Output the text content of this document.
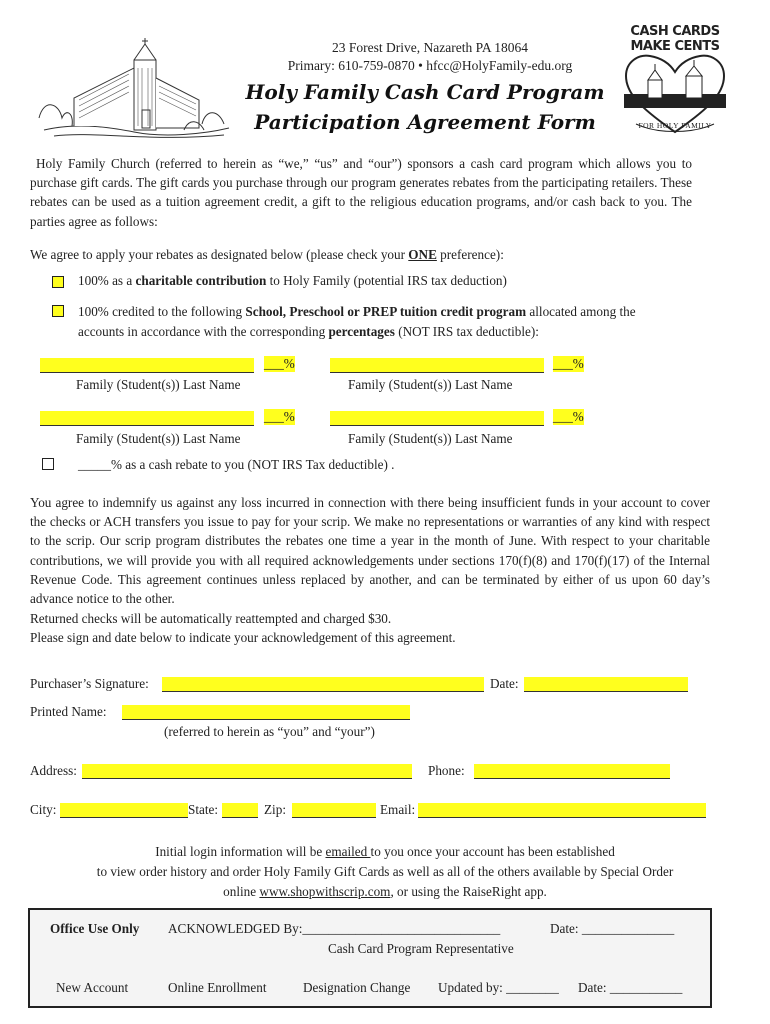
23 Forest Drive, Nazareth PA 18064
Primary: 610-759-0870 • hfcc@HolyFamily-edu.org
Holy Family Cash Card Program
Participation Agreement Form
CASH CARDS
MAKE CENTS
FOR HOLY FAMILY
Holy Family Church (referred to herein as “we,” “us” and “our”) sponsors a cash card program which allows you to purchase gift cards. The gift cards you purchase through our program generates rebates from the participating retailers. These rebates can be used as a tuition agreement credit, a gift to the religious education programs, and/or cash back to you. The parties agree as follows:
We agree to apply your rebates as designated below (please check your ONE preference):
100% as a charitable contribution to Holy Family (potential IRS tax deduction)
100% credited to the following School, Preschool or PREP tuition credit program allocated among the
accounts in accordance with the corresponding percentages (NOT IRS tax deductible):
___%	___%
Family (Student(s)) Last Name	Family (Student(s)) Last Name
___%	___%
Family (Student(s)) Last Name	Family (Student(s)) Last Name
_____% as a cash rebate to you (NOT IRS Tax deductible) .
You agree to indemnify us against any loss incurred in connection with there being insufficient funds in your account to cover the checks or ACH transfers you issue to pay for your scrip. We make no representations or warranties of any kind with respect to the scrip. Our scrip program distributes the rebates one time a year in the month of June. With respect to your charitable contributions, we will provide you with all required acknowledgements under sections 170(f)(8) and 170(f)(17) of the Internal Revenue Code. This agreement continues unless replaced by another, and can be terminated by either of us upon 60 day’s advance notice to the other.
Returned checks will be automatically reattempted and charged $30.
Please sign and date below to indicate your acknowledgement of this agreement.
Purchaser’s Signature:	Date:
Printed Name:
(referred to herein as “you” and “your”)
Address:	Phone:
City:	State:	Zip:	Email:
Initial login information will be emailed to you once your account has been established
to view order history and order Holy Family Gift Cards as well as all of the others available by Special Order
online www.shopwithscrip.com, or using the RaiseRight app.
Office Use Only ACKNOWLEDGED By:______________________________	Date: ______________
Cash Card Program Representative
New Account	Online Enrollment	Designation Change Updated by: ________ Date: ___________
